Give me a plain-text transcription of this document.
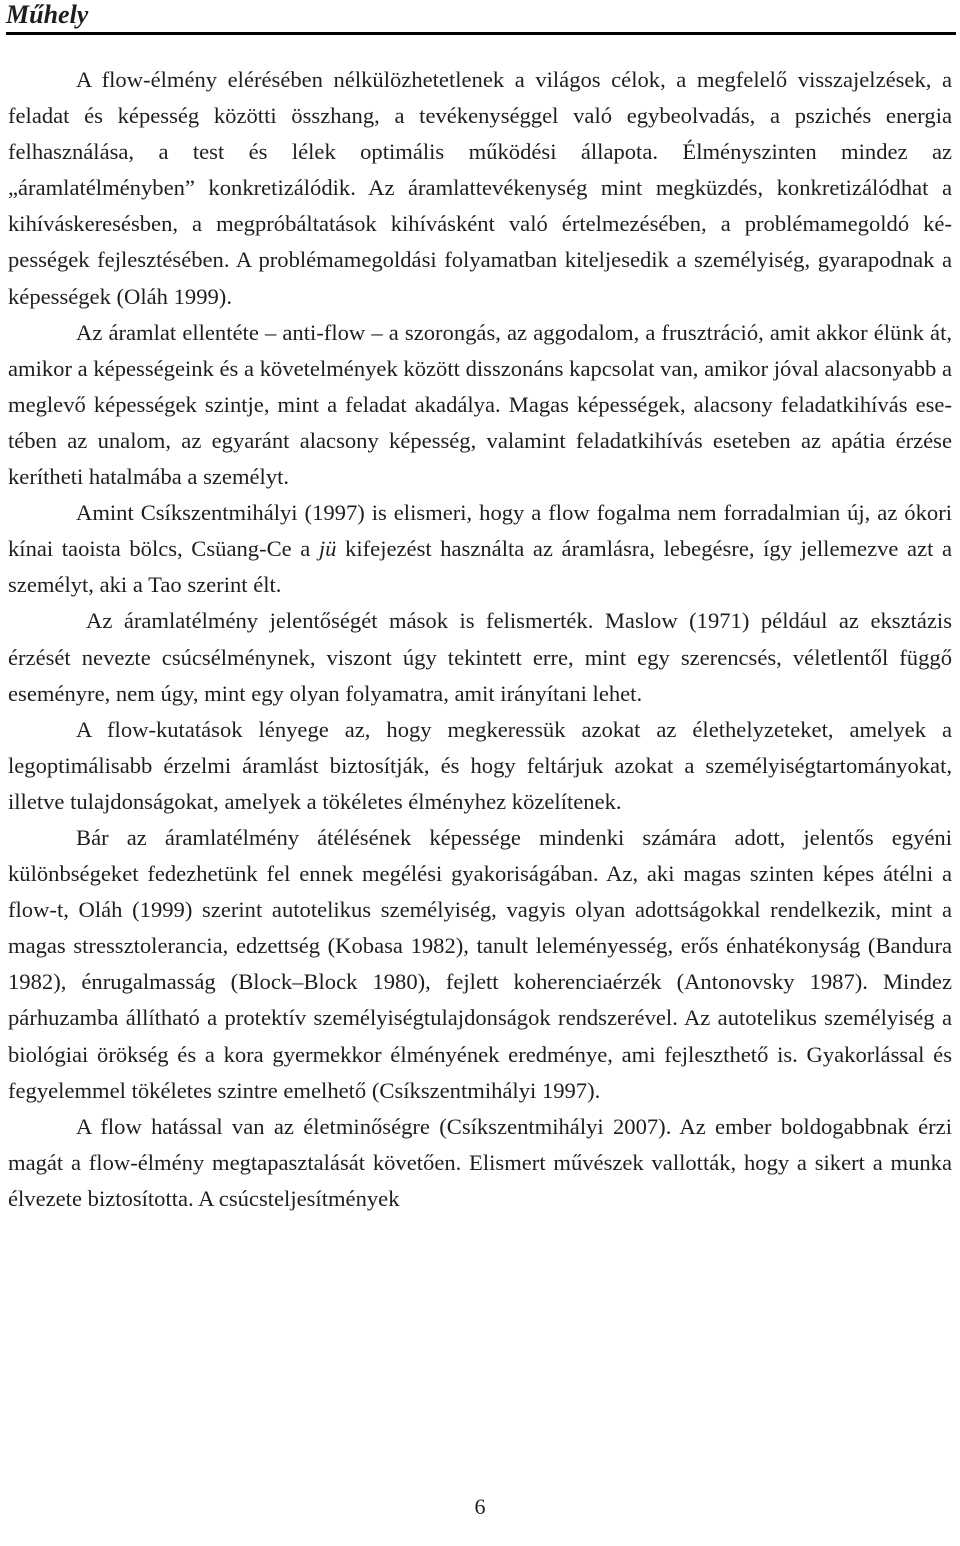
Műhely

A flow-élmény elérésében nélkülözhetetlenek a világos célok, a megfelelő visszajelzések, a feladat és képesség közötti összhang, a tevékenységgel való egybeolvadás, a pszichés energia felhasználása, a test és lélek optimális működési állapota. Élményszinten mindez az „áramlatélményben” konkretizálódik. Az áramlattevékenység mint megküzdés, konkretizálódhat a kihíváskeresésben, a megpróbáltatások kihívásként való értelmezésében, a problémamegoldó képességek fejlesztésében. A problémamegoldási folyamatban kiteljesedik a személyiség, gyarapodnak a képességek (Oláh 1999).

Az áramlat ellentéte – anti-flow – a szorongás, az aggodalom, a frusztráció, amit akkor élünk át, amikor a képességeink és a követelmények között disszonáns kapcsolat van, amikor jóval alacsonyabb a meglevő képességek szintje, mint a feladat akadálya. Magas képességek, alacsony feladatkihívás esetében az unalom, az egyaránt alacsony képesség, valamint feladatkihívás eseteben az apátia érzése kerítheti hatalmába a személyt.

Amint Csíkszentmihályi (1997) is elismeri, hogy a flow fogalma nem forradalmian új, az ókori kínai taoista bölcs, Csüang-Ce a jü kifejezést használta az áramlásra, lebegésre, így jellemezve azt a személyt, aki a Tao szerint élt.

Az áramlatélmény jelentőségét mások is felismerték. Maslow (1971) például az eksztázis érzését nevezte csúcsélménynek, viszont úgy tekintett erre, mint egy szerencsés, véletlentől függő eseményre, nem úgy, mint egy olyan folyamatra, amit irányítani lehet.

A flow-kutatások lényege az, hogy megkeressük azokat az élethelyzeteket, amelyek a legoptimálisabb érzelmi áramlást biztosítják, és hogy feltárjuk azokat a személyiségtartományokat, illetve tulajdonságokat, amelyek a tökéletes élményhez közelítenek.

Bár az áramlatélmény átélésének képessége mindenki számára adott, jelentős egyéni különbségeket fedezhetünk fel ennek megélési gyakoriságában. Az, aki magas szinten képes átélni a flow-t, Oláh (1999) szerint autotelikus személyiség, vagyis olyan adottságokkal rendelkezik, mint a magas stressztolerancia, edzettség (Kobasa 1982), tanult leleményesség, erős énhatékonyság (Bandura 1982), énrugalmasság (Block–Block 1980), fejlett koherenciaérzék (Antonovsky 1987). Mindez párhuzamba állítható a protektív személyiségtulajdonságok rendszerével. Az autotelikus személyiség a biológiai örökség és a kora gyermekkor élményének eredménye, ami fejleszthető is. Gyakorlással és fegyelemmel tökéletes szintre emelhető (Csíkszentmihályi 1997).

A flow hatással van az életminőségre (Csíkszentmihályi 2007). Az ember boldogabbnak érzi magát a flow-élmény megtapasztalását követően. Elismert művészek vallották, hogy a sikert a munka élvezete biztosította. A csúcsteljesítmények

6
